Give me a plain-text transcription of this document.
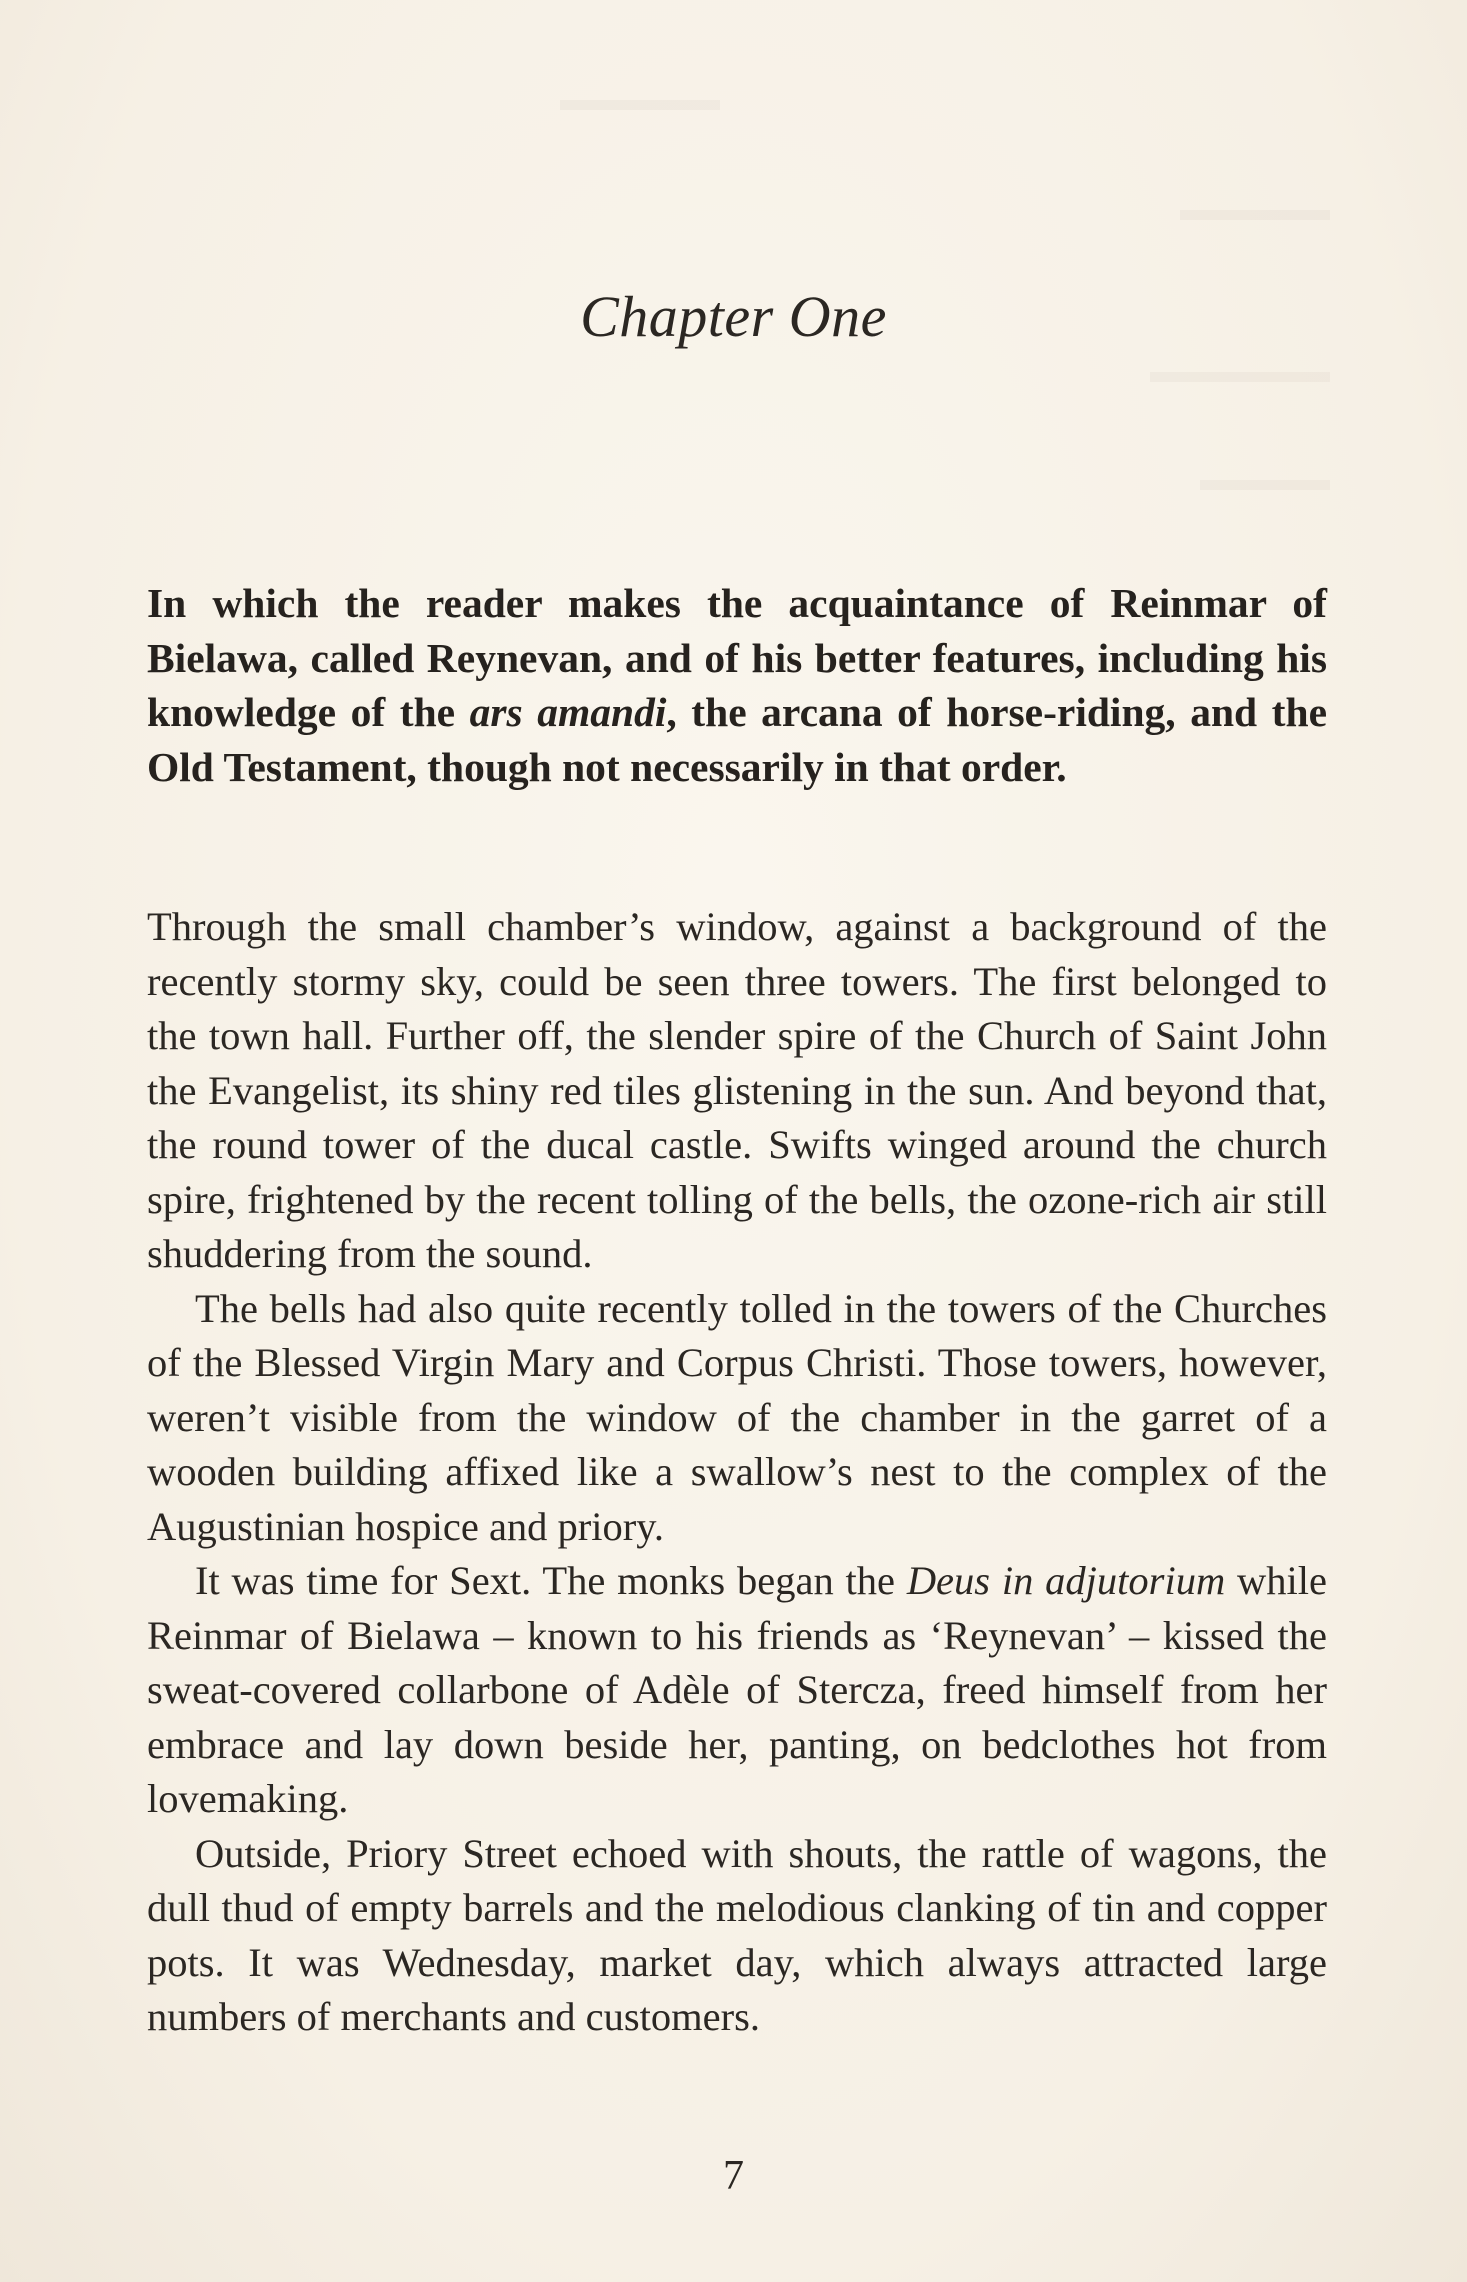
Chapter One

In which the reader makes the acquaintance of Reinmar of Bielawa, called Reynevan, and of his better features, including his knowledge of the ars amandi, the arcana of horse-riding, and the Old Testament, though not necessarily in that order.

Through the small chamber’s window, against a background of the recently stormy sky, could be seen three towers. The first belonged to the town hall. Further off, the slender spire of the Church of Saint John the Evangelist, its shiny red tiles glistening in the sun. And beyond that, the round tower of the ducal castle. Swifts winged around the church spire, frightened by the recent tolling of the bells, the ozone-rich air still shuddering from the sound.

The bells had also quite recently tolled in the towers of the Churches of the Blessed Virgin Mary and Corpus Christi. Those towers, however, weren’t visible from the window of the chamber in the garret of a wooden building affixed like a swallow’s nest to the complex of the Augustinian hospice and priory.

It was time for Sext. The monks began the Deus in adjutorium while Reinmar of Bielawa – known to his friends as ‘Reynevan’ – kissed the sweat-covered collarbone of Adèle of Stercza, freed himself from her embrace and lay down beside her, panting, on bedclothes hot from lovemaking.

Outside, Priory Street echoed with shouts, the rattle of wagons, the dull thud of empty barrels and the melodious clanking of tin and copper pots. It was Wednesday, market day, which always attracted large numbers of merchants and customers.

7
